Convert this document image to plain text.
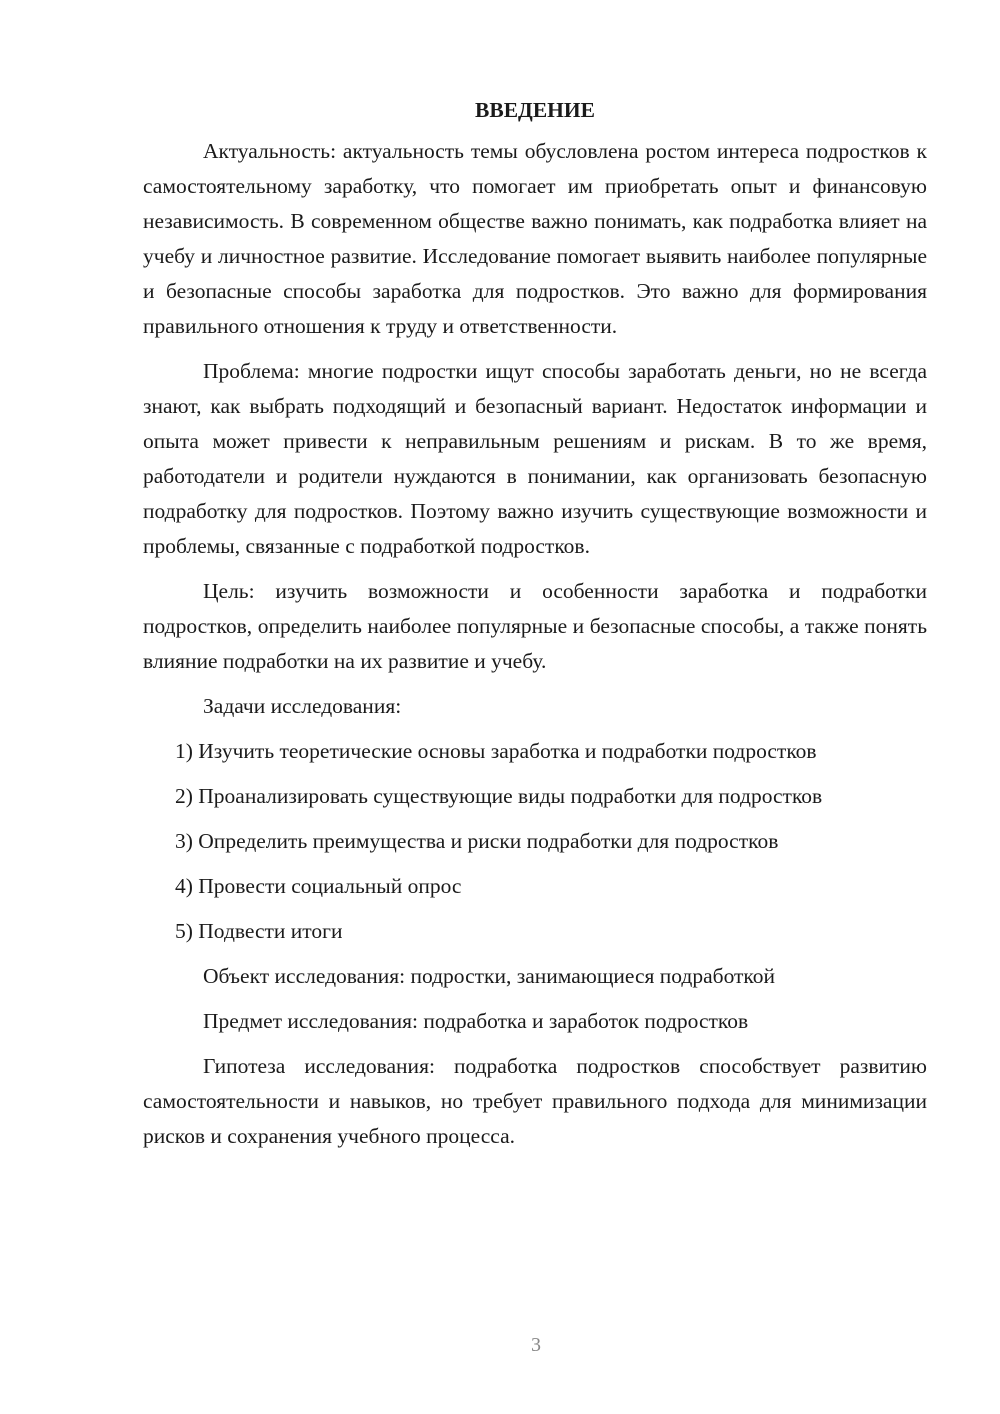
ВВЕДЕНИЕ

Актуальность: актуальность темы обусловлена ростом интереса подростков к самостоятельному заработку, что помогает им приобретать опыт и финансовую независимость. В современном обществе важно понимать, как подработка влияет на учебу и личностное развитие. Исследование помогает выявить наиболее популярные и безопасные способы заработка для подростков. Это важно для формирования правильного отношения к труду и ответственности.

Проблема: многие подростки ищут способы заработать деньги, но не всегда знают, как выбрать подходящий и безопасный вариант. Недостаток информации и опыта может привести к неправильным решениям и рискам. В то же время, работодатели и родители нуждаются в понимании, как организовать безопасную подработку для подростков. Поэтому важно изучить существующие возможности и проблемы, связанные с подработкой подростков.

Цель: изучить возможности и особенности заработка и подработки подростков, определить наиболее популярные и безопасные способы, а также понять влияние подработки на их развитие и учебу.

Задачи исследования:

1) Изучить теоретические основы заработка и подработки подростков

2) Проанализировать существующие виды подработки для подростков

3) Определить преимущества и риски подработки для подростков

4) Провести социальный опрос

5) Подвести итоги

Объект исследования: подростки, занимающиеся подработкой

Предмет исследования: подработка и заработок подростков

Гипотеза исследования: подработка подростков способствует развитию самостоятельности и навыков, но требует правильного подхода для минимизации рисков и сохранения учебного процесса.

3
